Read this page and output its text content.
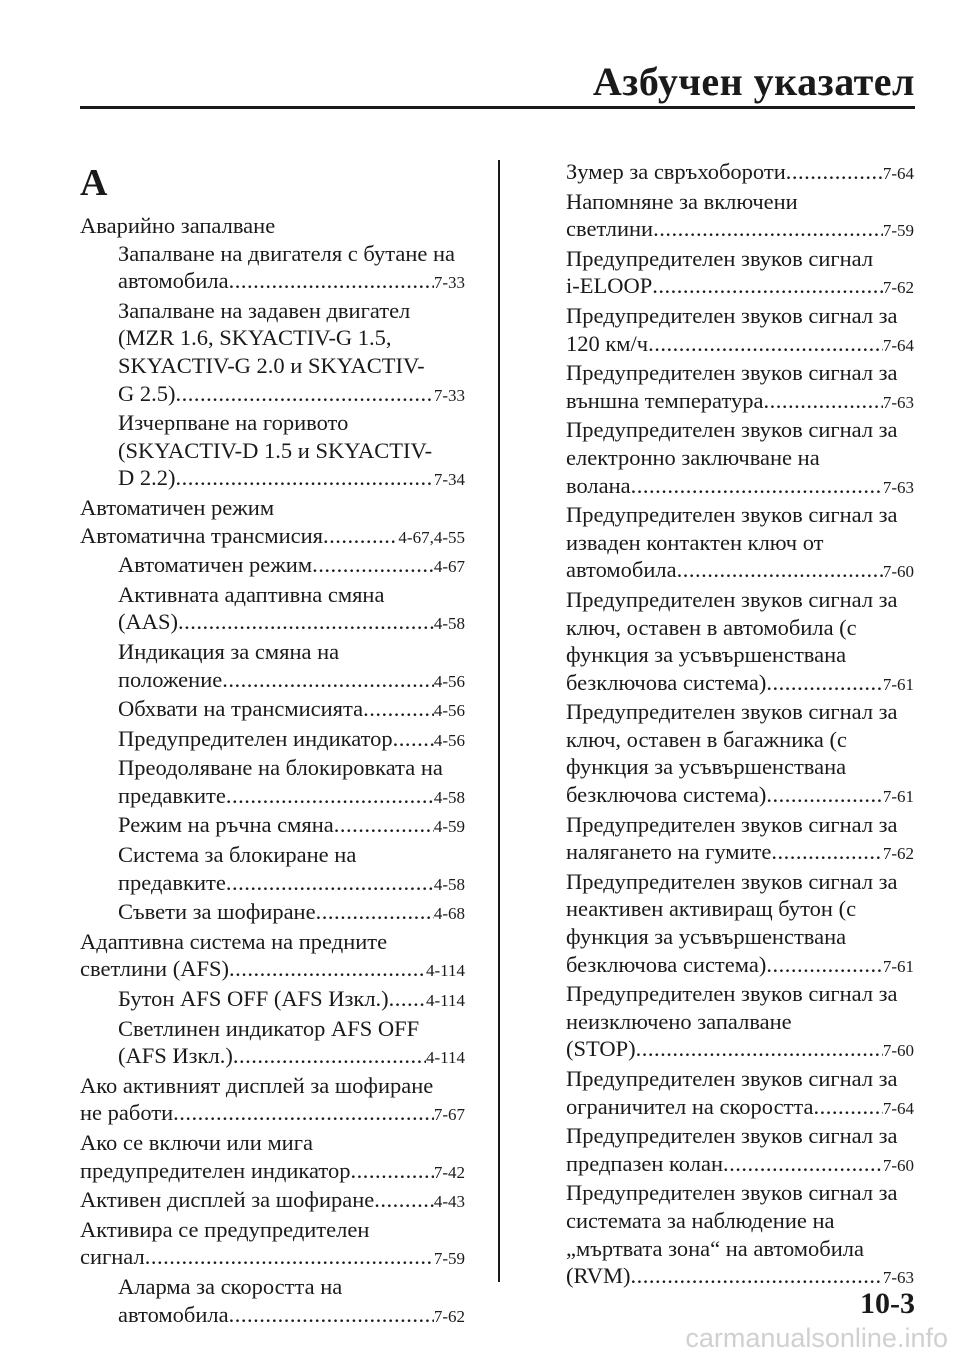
Азбучен указател
A
Аварийно запалване
Запалване на двигателя с бутане на
автомобила .....	7-33
Запалване на задавен двигател
(MZR 1.6, SKYACTIV-G 1.5,
SKYACTIV-G 2.0 и SKYACTIV-
G 2.5) .....	7-33
Изчерпване на горивото
(SKYACTIV-D 1.5 и SKYACTIV-
D 2.2) .....	7-34
Автоматичен режим
Автоматична трансмисия .....	4-67,4-55
Автоматичен режим .....	4-67
Активната адаптивна смяна
(AAS) .....	4-58
Индикация за смяна на
положение .....	4-56
Обхвати на трансмисията .....	4-56
Предупредителен индикатор ..... 4-56
Преодоляване на блокировката на
предавките .....	4-58
Режим на ръчна смяна .....	4-59
Система за блокиране на
предавките .....	4-58
Съвети за шофиране .....	4-68
Адаптивна система на предните
светлини (AFS) .....	4-114
Бутон AFS OFF (AFS Изкл.) ..... 4-114
Светлинен индикатор AFS OFF
(AFS Изкл.) .....	4-114
Ако активният дисплей за шофиране
не работи .....	7-67
Ако се включи или мига
предупредителен индикатор .....	7-42
Активен дисплей за шофиране .....	4-43
Активира се предупредителен
сигнал .....	7-59
Аларма за скоростта на
автомобила .....	7-62
Зумер за свръхобороти .....	7-64
Напомняне за включени
светлини .....	7-59
Предупредителен звуков сигнал
i-ELOOP .....	7-62
Предупредителен звуков сигнал за
120 км/ч .....	7-64
Предупредителен звуков сигнал за
външна температура .....	7-63
Предупредителен звуков сигнал за
електронно заключване на
волана .....	7-63
Предупредителен звуков сигнал за
изваден контактен ключ от
автомобила .....	7-60
Предупредителен звуков сигнал за
ключ, оставен в автомобила (с
функция за усъвършенствана
безключова система) .....	7-61
Предупредителен звуков сигнал за
ключ, оставен в багажника (с
функция за усъвършенствана
безключова система) .....	7-61
Предупредителен звуков сигнал за
налягането на гумите .....	7-62
Предупредителен звуков сигнал за
неактивен активиращ бутон (с
функция за усъвършенствана
безключова система) .....	7-61
Предупредителен звуков сигнал за
неизключено запалване
(STOP) .....	7-60
Предупредителен звуков сигнал за
ограничител на скоростта .....	7-64
Предупредителен звуков сигнал за
предпазен колан .....	7-60
Предупредителен звуков сигнал за
системата за наблюдение на
„мъртвата зона“ на автомобила
(RVM) .....	7-63
10-3
carmanualsonline.info
